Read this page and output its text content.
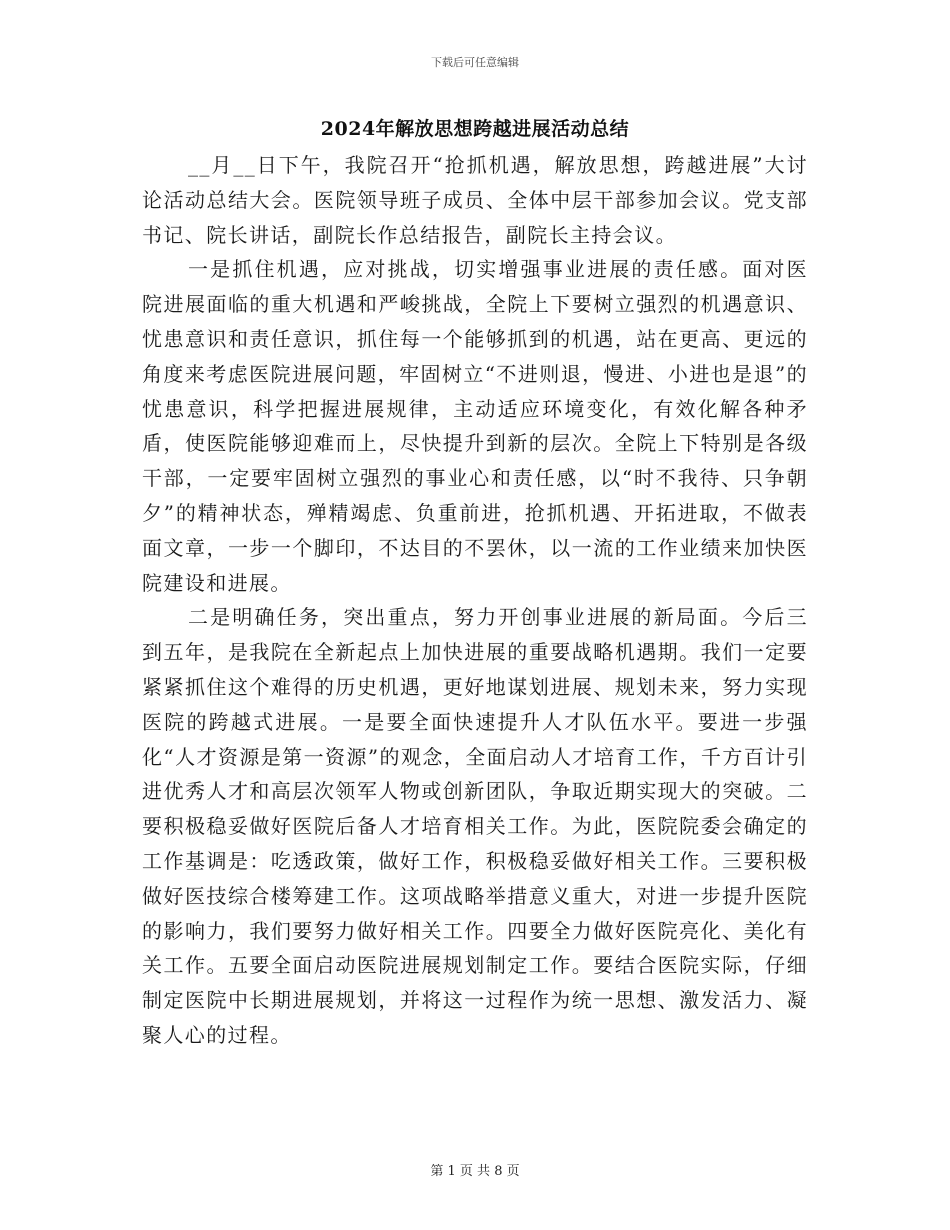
下载后可任意编辑
2024年解放思想跨越进展活动总结

__月__日下午，我院召开“抢抓机遇，解放思想，跨越进展”大讨论活动总结大会。医院领导班子成员、全体中层干部参加会议。党支部书记、院长讲话，副院长作总结报告，副院长主持会议。

一是抓住机遇，应对挑战，切实增强事业进展的责任感。面对医院进展面临的重大机遇和严峻挑战，全院上下要树立强烈的机遇意识、忧患意识和责任意识，抓住每一个能够抓到的机遇，站在更高、更远的角度来考虑医院进展问题，牢固树立“不进则退，慢进、小进也是退”的忧患意识，科学把握进展规律，主动适应环境变化，有效化解各种矛盾，使医院能够迎难而上，尽快提升到新的层次。全院上下特别是各级干部，一定要牢固树立强烈的事业心和责任感，以“时不我待、只争朝夕”的精神状态，殚精竭虑、负重前进，抢抓机遇、开拓进取，不做表面文章，一步一个脚印，不达目的不罢休，以一流的工作业绩来加快医院建设和进展。

二是明确任务，突出重点，努力开创事业进展的新局面。今后三到五年，是我院在全新起点上加快进展的重要战略机遇期。我们一定要紧紧抓住这个难得的历史机遇，更好地谋划进展、规划未来，努力实现医院的跨越式进展。一是要全面快速提升人才队伍水平。要进一步强化“人才资源是第一资源”的观念，全面启动人才培育工作，千方百计引进优秀人才和高层次领军人物或创新团队，争取近期实现大的突破。二要积极稳妥做好医院后备人才培育相关工作。为此，医院院委会确定的工作基调是：吃透政策，做好工作，积极稳妥做好相关工作。三要积极做好医技综合楼筹建工作。这项战略举措意义重大，对进一步提升医院的影响力，我们要努力做好相关工作。四要全力做好医院亮化、美化有关工作。五要全面启动医院进展规划制定工作。要结合医院实际，仔细制定医院中长期进展规划，并将这一过程作为统一思想、激发活力、凝聚人心的过程。

第 1 页 共 8 页
